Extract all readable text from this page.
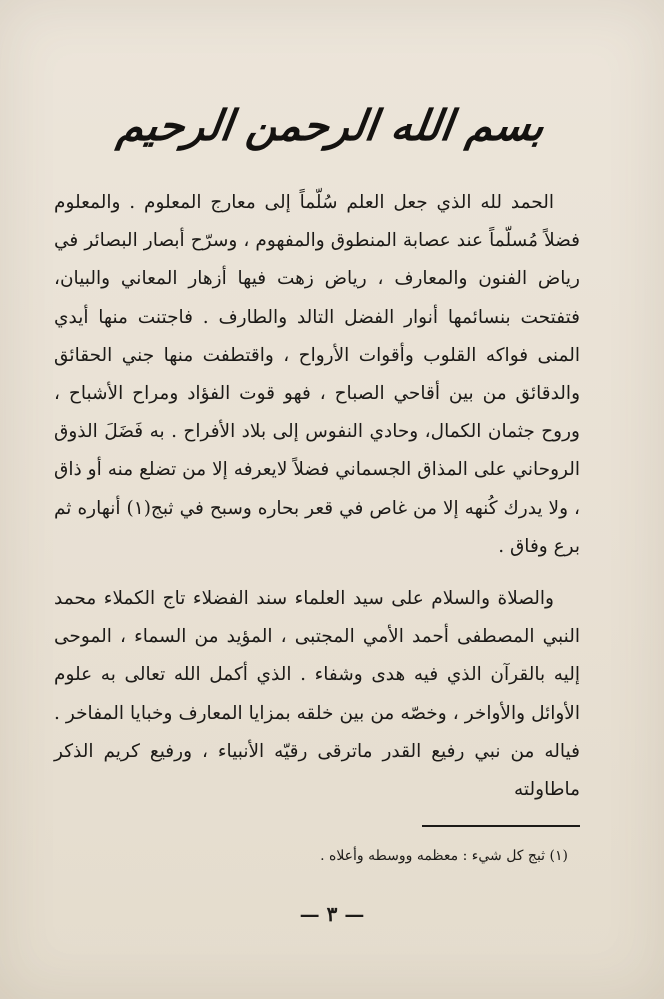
بسم الله الرحمن الرحيم

الحمد لله الذي جعل العلم سُلّماً إلى معارج المعلوم . والمعلوم فضلاً مُسلّماً عند عصابة المنطوق والمفهوم ، وسرّح أبصار البصائر في رياض الفنون والمعارف ، رياض زهت فيها أزهار المعاني والبيان، فتفتحت بنسائمها أنوار الفضل التالد والطارف . فاجتنت منها أيدي المنى فواكه القلوب وأقوات الأرواح ، واقتطفت منها جني الحقائق والدقائق من بين أقاحي الصباح ، فهو قوت الفؤاد ومراح الأشباح ، وروح جثمان الكمال، وحادي النفوس إلى بلاد الأفراح . به فَضَلَ الذوق الروحاني على المذاق الجسماني فضلاً لايعرفه إلا من تضلع منه أو ذاق ، ولا يدرك كُنهه إلا من غاص في قعر بحاره وسبح في ثبج(١) أنهاره ثم برع وفاق .

والصلاة والسلام على سيد العلماء سند الفضلاء تاج الكملاء محمد النبي المصطفى أحمد الأمي المجتبى ، المؤيد من السماء ، الموحى إليه بالقرآن الذي فيه هدى وشفاء . الذي أكمل الله تعالى به علوم الأوائل والأواخر ، وخصّه من بين خلقه بمزايا المعارف وخبايا المفاخر . فياله من نبي رفيع القدر ماترقى رقيّه الأنبياء ، ورفيع كريم الذكر ماطاولته

(١) ثبج كل شيء : معظمه ووسطه وأعلاه .
— ٣ —
